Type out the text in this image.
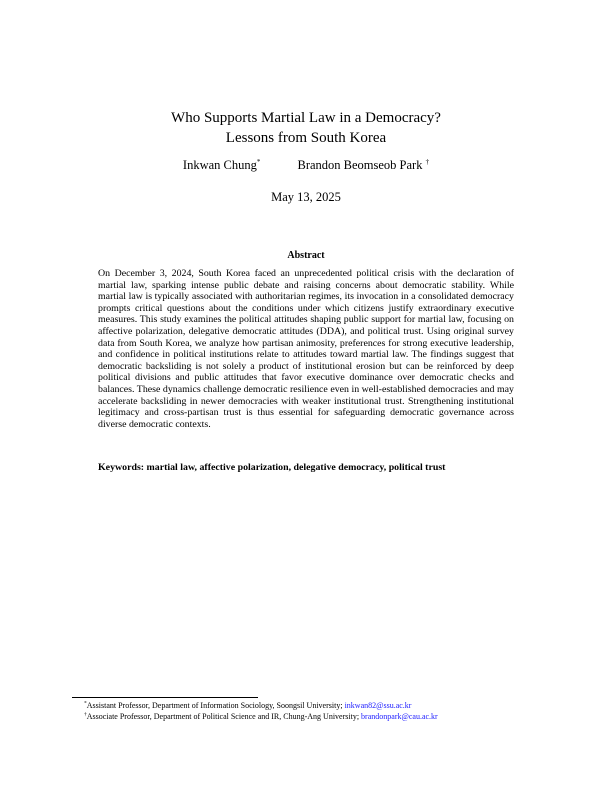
Who Supports Martial Law in a Democracy?
Lessons from South Korea
Inkwan Chung*	Brandon Beomseob Park †
May 13, 2025
Abstract
On December 3, 2024, South Korea faced an unprecedented political crisis with the declaration of martial law, sparking intense public debate and raising concerns about democratic stability. While martial law is typically associated with authoritarian regimes, its invocation in a consolidated democracy prompts critical questions about the conditions under which citizens justify extraordinary executive measures. This study examines the political attitudes shaping public support for martial law, focusing on affective polarization, delegative democratic attitudes (DDA), and political trust. Using original survey data from South Korea, we analyze how partisan animosity, preferences for strong executive leadership, and confidence in political institutions relate to attitudes toward martial law. The findings suggest that democratic backsliding is not solely a product of institutional erosion but can be reinforced by deep political divisions and public attitudes that favor executive dominance over democratic checks and balances. These dynamics challenge democratic resilience even in well-established democracies and may accelerate backsliding in newer democracies with weaker institutional trust. Strengthening institutional legitimacy and cross-partisan trust is thus essential for safeguarding democratic governance across diverse democratic contexts.
Keywords: martial law, affective polarization, delegative democracy, political trust
*Assistant Professor, Department of Information Sociology, Soongsil University; inkwan82@ssu.ac.kr
†Associate Professor, Department of Political Science and IR, Chung-Ang University; brandonpark@cau.ac.kr
